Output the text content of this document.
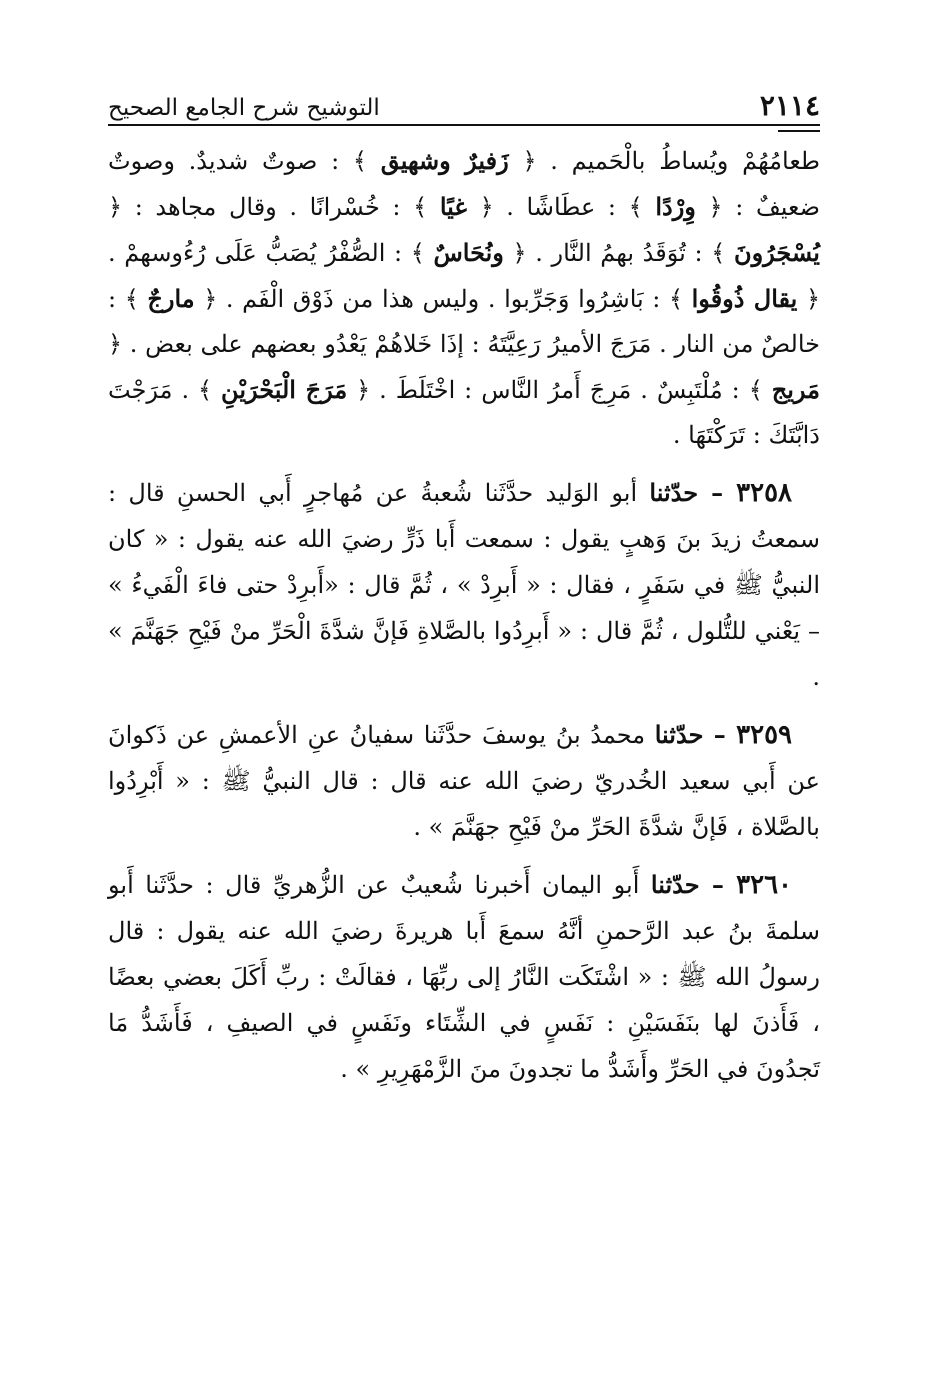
٢١١٤
التوشيح شرح الجامع الصحيح
طعامُهُمْ ويُساطُ بالْحَميم . ﴿ زَفيرٌ وشهيق ﴾ : صوتٌ شديدٌ. وصوتٌ ضعيفٌ : ﴿ وِرْدًا ﴾ : عطَاشًا . ﴿ غيًا ﴾ : خُسْرانًا . وقال مجاهد : ﴿ يُسْجَرُونَ ﴾ : تُوَقَدُ بهمُ النَّار . ﴿ ونُحَاسٌ ﴾ : الصُّفْرُ يُصَبُّ عَلَى رُءُوسهمْ . ﴿ يقال ذُوقُوا ﴾ : بَاشِرُوا وَجَرِّبوا . وليس هذا من ذَوْق الْفَم . ﴿ مارجٌ ﴾ : خالصٌ من النار . مَرَجَ الأميرُ رَعِيَّتَهُ : إذَا خَلاهُمْ يَعْدُو بعضهم على بعض . ﴿ مَريج ﴾ : مُلْتَبِسٌ . مَرِجَ أَمرُ النَّاس : اخْتَلَطَ . ﴿ مَرَجَ الْبَحْرَيْنِ ﴾ . مَرَجْتَ دَابَّتَكَ : تَرَكْتَهَا .
٣٢٥٨ – حدّثنا أبو الوَليد حدَّثَنا شُعبةُ عن مُهاجرٍ أَبي الحسنِ قال : سمعتُ زيدَ بنَ وَهبٍ يقول : سمعت أَبا ذَرٍّ رضيَ الله عنه يقول : « كان النبيُّ ﷺ في سَفَرٍ ، فقال : « أَبرِدْ » ، ثُمَّ قال : «أَبرِدْ حتى فاءَ الْفَيءُ » – يَعْني للتُّلول ، ثُمَّ قال : « أَبرِدُوا بالصَّلاةِ فَإنَّ شدَّةَ الْحَرِّ منْ فَيْحِ جَهَنَّمَ » .
٣٢٥٩ – حدّثنا محمدُ بنُ يوسفَ حدَّثَنا سفيانُ عنِ الأعمشِ عن ذَكوانَ عن أَبي سعيد الخُدريّ رضيَ الله عنه قال : قال النبيُّ ﷺ : « أَبْرِدُوا بالصَّلاة ، فَإنَّ شدَّةَ الحَرِّ منْ فَيْحِ جهَنَّمَ » .
٣٢٦٠ – حدّثنا أَبو اليمان أَخبرنا شُعيبٌ عن الزُّهريِّ قال : حدَّثَنا أَبو سلمةَ بنُ عبد الرَّحمنِ أنَّهُ سمعَ أَبا هريرةَ رضيَ الله عنه يقول : قال رسولُ الله ﷺ : « اشْتَكَت النَّارُ إلى ربِّهَا ، فقالَتْ : ربِّ أَكَلَ بعضي بعضًا ، فَأَذنَ لها بنَفَسَيْنِ : نَفَسٍ في الشِّتَاء ونَفَسٍ في الصيفِ ، فَأَشَدُّ مَا تَجدُونَ في الحَرِّ وأَشَدُّ ما تجدونَ منَ الزَّمْهَرِيرِ » .
